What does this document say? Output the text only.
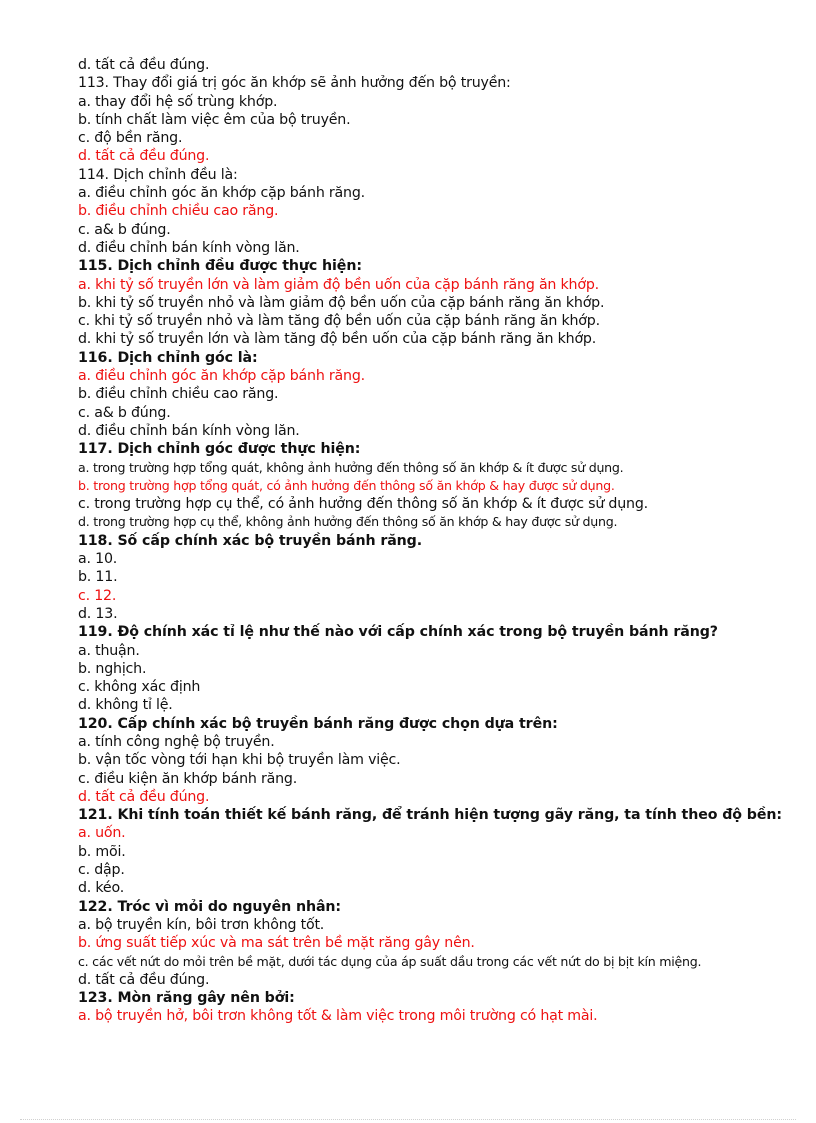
d. tất cả đều đúng.
113. Thay đổi giá trị góc ăn khớp sẽ ảnh hưởng đến bộ truyền:
a. thay đổi hệ số trùng khớp.
b. tính chất làm việc êm của bộ truyền.
c. độ bền răng.
d. tất cả đều đúng.
114. Dịch chỉnh đều là:
a. điều chỉnh góc ăn khớp cặp bánh răng.
b. điều chỉnh chiều cao răng.
c. a& b đúng.
d. điều chỉnh bán kính vòng lăn.
115. Dịch chỉnh đều được thực hiện:
a. khi tỷ số truyền lớn và làm giảm độ bền uốn của cặp bánh răng ăn khớp.
b. khi tỷ số truyền nhỏ và làm giảm độ bền uốn của cặp bánh răng ăn khớp.
c. khi tỷ số truyền nhỏ và làm tăng độ bền uốn của cặp bánh răng ăn khớp.
d. khi tỷ số truyền lớn và làm tăng độ bền uốn của cặp bánh răng ăn khớp.
116. Dịch chỉnh góc là:
a. điều chỉnh góc ăn khớp cặp bánh răng.
b. điều chỉnh chiều cao răng.
c. a& b đúng.
d. điều chỉnh bán kính vòng lăn.
117. Dịch chỉnh góc được thực hiện:
a. trong trường hợp tổng quát, không ảnh hưởng đến thông số ăn khớp & ít được sử dụng.
b. trong trường hợp tổng quát, có ảnh hưởng đến thông số ăn khớp & hay được sử dụng.
c. trong trường hợp cụ thể, có ảnh hưởng đến thông số ăn khớp & ít được sử dụng.
d. trong trường hợp cụ thể, không ảnh hưởng đến thông số ăn khớp & hay được sử dụng.
118. Số cấp chính xác bộ truyền bánh răng.
a. 10.
b. 11.
c. 12.
d. 13.
119. Độ chính xác tỉ lệ như thế nào với cấp chính xác trong bộ truyền bánh răng?
a. thuận.
b. nghịch.
c. không xác định
d. không tỉ lệ.
120. Cấp chính xác bộ truyền bánh răng được chọn dựa trên:
a. tính công nghệ bộ truyền.
b. vận tốc vòng tới hạn khi bộ truyền làm việc.
c. điều kiện ăn khớp bánh răng.
d. tất cả đều đúng.
121. Khi tính toán thiết kế bánh răng, để tránh hiện tượng gãy răng, ta tính theo độ bền:
a. uốn.
b. mõi.
c. dập.
d. kéo.
122. Tróc vì mỏi do nguyên nhân:
a. bộ truyền kín, bôi trơn không tốt.
b. ứng suất tiếp xúc và ma sát trên bề mặt răng gây nên.
c. các vết nứt do mỏi trên bề mặt, dưới tác dụng của áp suất dầu trong các vết nứt do bị bịt kín miệng.
d. tất cả đều đúng.
123. Mòn răng gây nên bởi:
a. bộ truyền hở, bôi trơn không tốt & làm việc trong môi trường có hạt mài.
